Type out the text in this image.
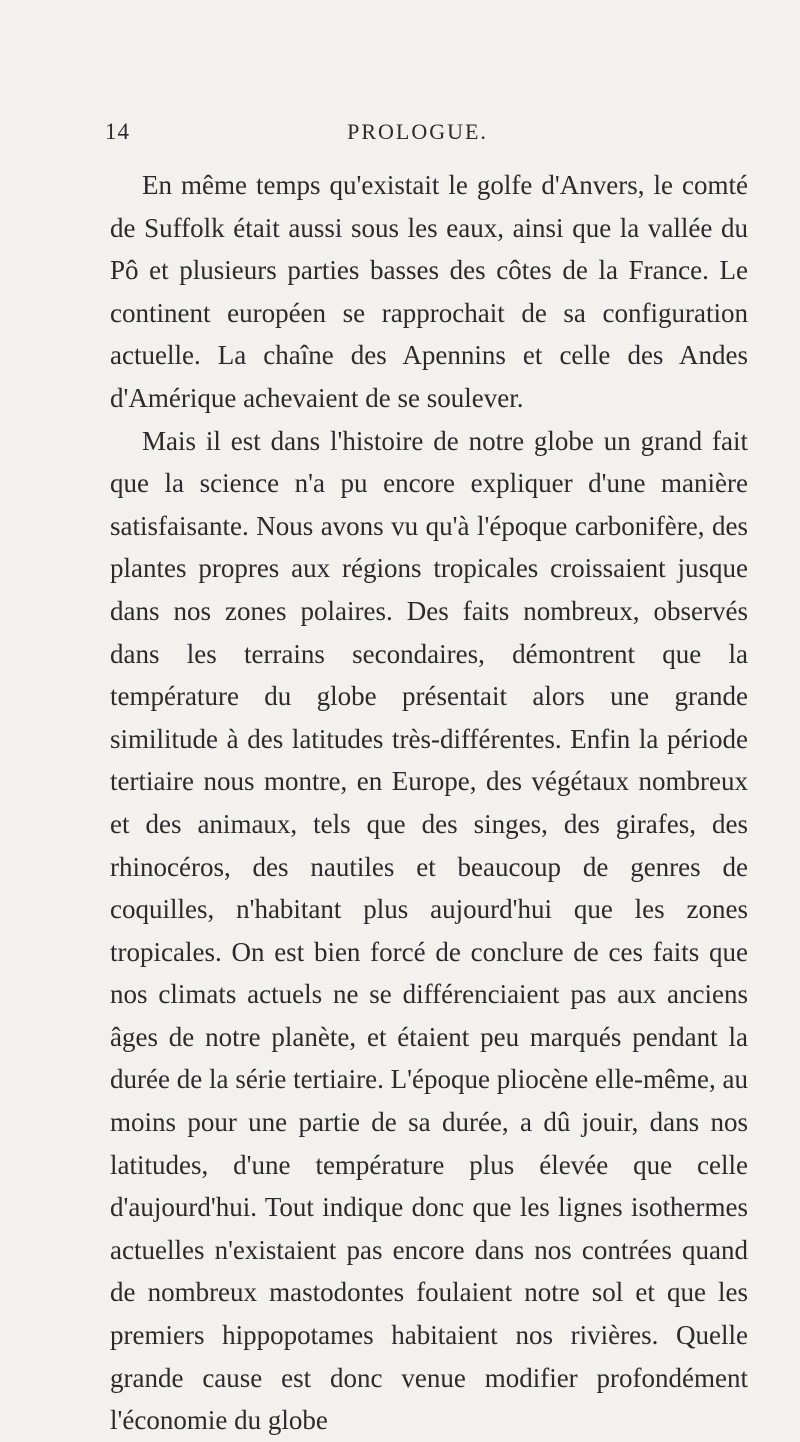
14	PROLOGUE.

En même temps qu'existait le golfe d'Anvers, le comté de Suffolk était aussi sous les eaux, ainsi que la vallée du Pô et plusieurs parties basses des côtes de la France. Le continent européen se rapprochait de sa configuration actuelle. La chaîne des Apennins et celle des Andes d'Amérique achevaient de se soulever.

Mais il est dans l'histoire de notre globe un grand fait que la science n'a pu encore expliquer d'une manière satisfaisante. Nous avons vu qu'à l'époque carbonifère, des plantes propres aux régions tropicales croissaient jusque dans nos zones polaires. Des faits nombreux, observés dans les terrains secondaires, démontrent que la température du globe présentait alors une grande similitude à des latitudes très-différentes. Enfin la période tertiaire nous montre, en Europe, des végétaux nombreux et des animaux, tels que des singes, des girafes, des rhinocéros, des nautiles et beaucoup de genres de coquilles, n'habitant plus aujourd'hui que les zones tropicales. On est bien forcé de conclure de ces faits que nos climats actuels ne se différenciaient pas aux anciens âges de notre planète, et étaient peu marqués pendant la durée de la série tertiaire. L'époque pliocène elle-même, au moins pour une partie de sa durée, a dû jouir, dans nos latitudes, d'une température plus élevée que celle d'aujourd'hui. Tout indique donc que les lignes isothermes actuelles n'existaient pas encore dans nos contrées quand de nombreux mastodontes foulaient notre sol et que les premiers hippopotames habitaient nos rivières. Quelle grande cause est donc venue modifier profondément l'économie du globe
